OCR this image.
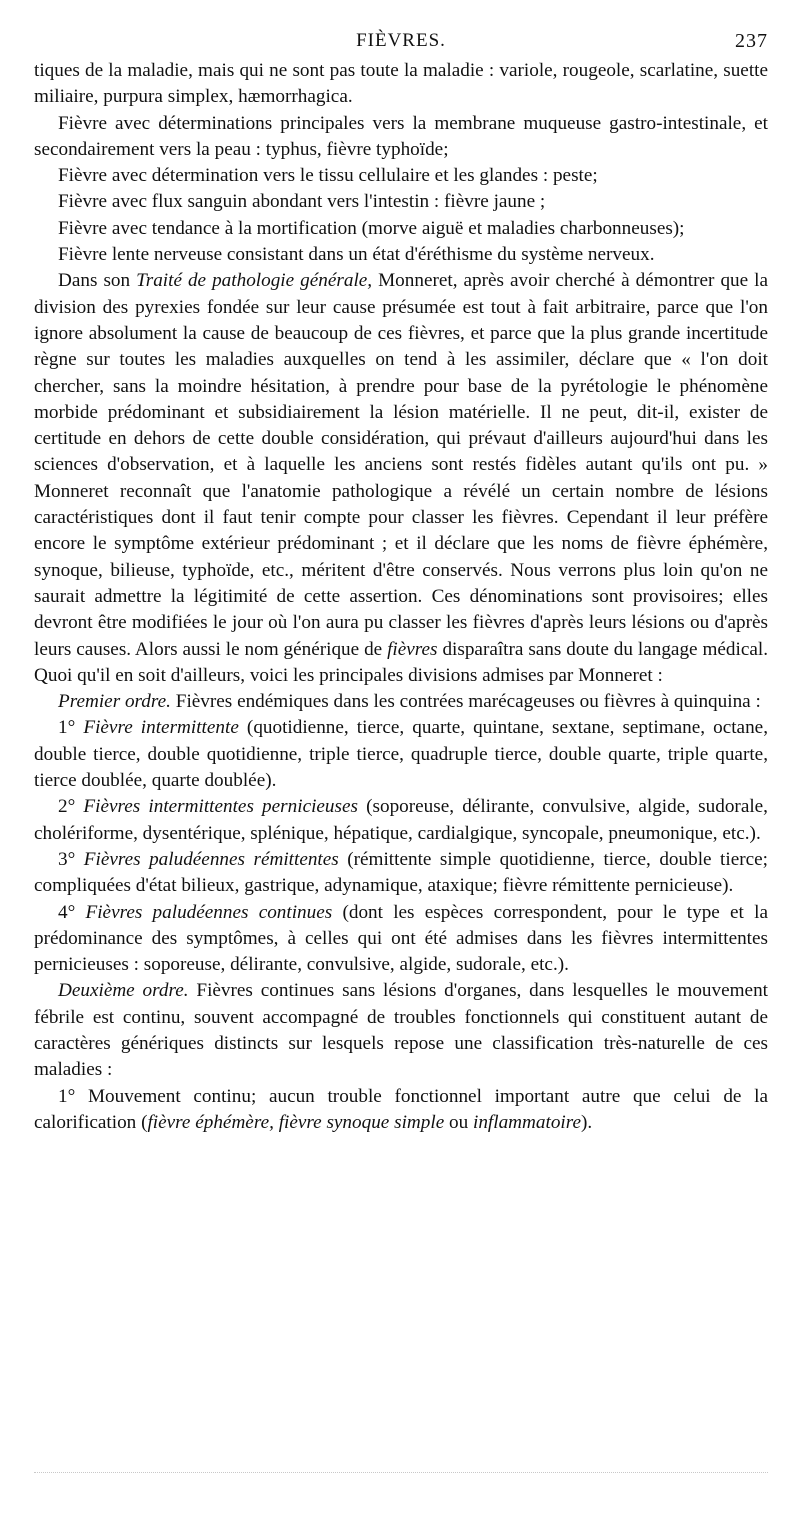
FIÈVRES.	237

tiques de la maladie, mais qui ne sont pas toute la maladie : variole, rougeole, scarlatine, suette miliaire, purpura simplex, hæmorrhagica.

Fièvre avec déterminations principales vers la membrane muqueuse gastro-intestinale, et secondairement vers la peau : typhus, fièvre typhoïde;

Fièvre avec détermination vers le tissu cellulaire et les glandes : peste;

Fièvre avec flux sanguin abondant vers l'intestin : fièvre jaune ;

Fièvre avec tendance à la mortification (morve aiguë et maladies charbonneuses);

Fièvre lente nerveuse consistant dans un état d'éréthisme du système nerveux.

Dans son Traité de pathologie générale, Monneret, après avoir cherché à démontrer que la division des pyrexies fondée sur leur cause présumée est tout à fait arbitraire, parce que l'on ignore absolument la cause de beaucoup de ces fièvres, et parce que la plus grande incertitude règne sur toutes les maladies auxquelles on tend à les assimiler, déclare que « l'on doit chercher, sans la moindre hésitation, à prendre pour base de la pyrétologie le phénomène morbide prédominant et subsidiairement la lésion matérielle. Il ne peut, dit-il, exister de certitude en dehors de cette double considération, qui prévaut d'ailleurs aujourd'hui dans les sciences d'observation, et à laquelle les anciens sont restés fidèles autant qu'ils ont pu. » Monneret reconnaît que l'anatomie pathologique a révélé un certain nombre de lésions caractéristiques dont il faut tenir compte pour classer les fièvres. Cependant il leur préfère encore le symptôme extérieur prédominant ; et il déclare que les noms de fièvre éphémère, synoque, bilieuse, typhoïde, etc., méritent d'être conservés. Nous verrons plus loin qu'on ne saurait admettre la légitimité de cette assertion. Ces dénominations sont provisoires; elles devront être modifiées le jour où l'on aura pu classer les fièvres d'après leurs lésions ou d'après leurs causes. Alors aussi le nom générique de fièvres disparaîtra sans doute du langage médical. Quoi qu'il en soit d'ailleurs, voici les principales divisions admises par Monneret :

Premier ordre. Fièvres endémiques dans les contrées marécageuses ou fièvres à quinquina :

1° Fièvre intermittente (quotidienne, tierce, quarte, quintane, sextane, septimane, octane, double tierce, double quotidienne, triple tierce, quadruple tierce, double quarte, triple quarte, tierce doublée, quarte doublée).

2° Fièvres intermittentes pernicieuses (soporeuse, délirante, convulsive, algide, sudorale, cholériforme, dysentérique, splénique, hépatique, cardialgique, syncopale, pneumonique, etc.).

3° Fièvres paludéennes rémittentes (rémittente simple quotidienne, tierce, double tierce; compliquées d'état bilieux, gastrique, adynamique, ataxique; fièvre rémittente pernicieuse).

4° Fièvres paludéennes continues (dont les espèces correspondent, pour le type et la prédominance des symptômes, à celles qui ont été admises dans les fièvres intermittentes pernicieuses : soporeuse, délirante, convulsive, algide, sudorale, etc.).

Deuxième ordre. Fièvres continues sans lésions d'organes, dans lesquelles le mouvement fébrile est continu, souvent accompagné de troubles fonctionnels qui constituent autant de caractères génériques distincts sur lesquels repose une classification très-naturelle de ces maladies :

1° Mouvement continu; aucun trouble fonctionnel important autre que celui de la calorification (fièvre éphémère, fièvre synoque simple ou inflammatoire).
